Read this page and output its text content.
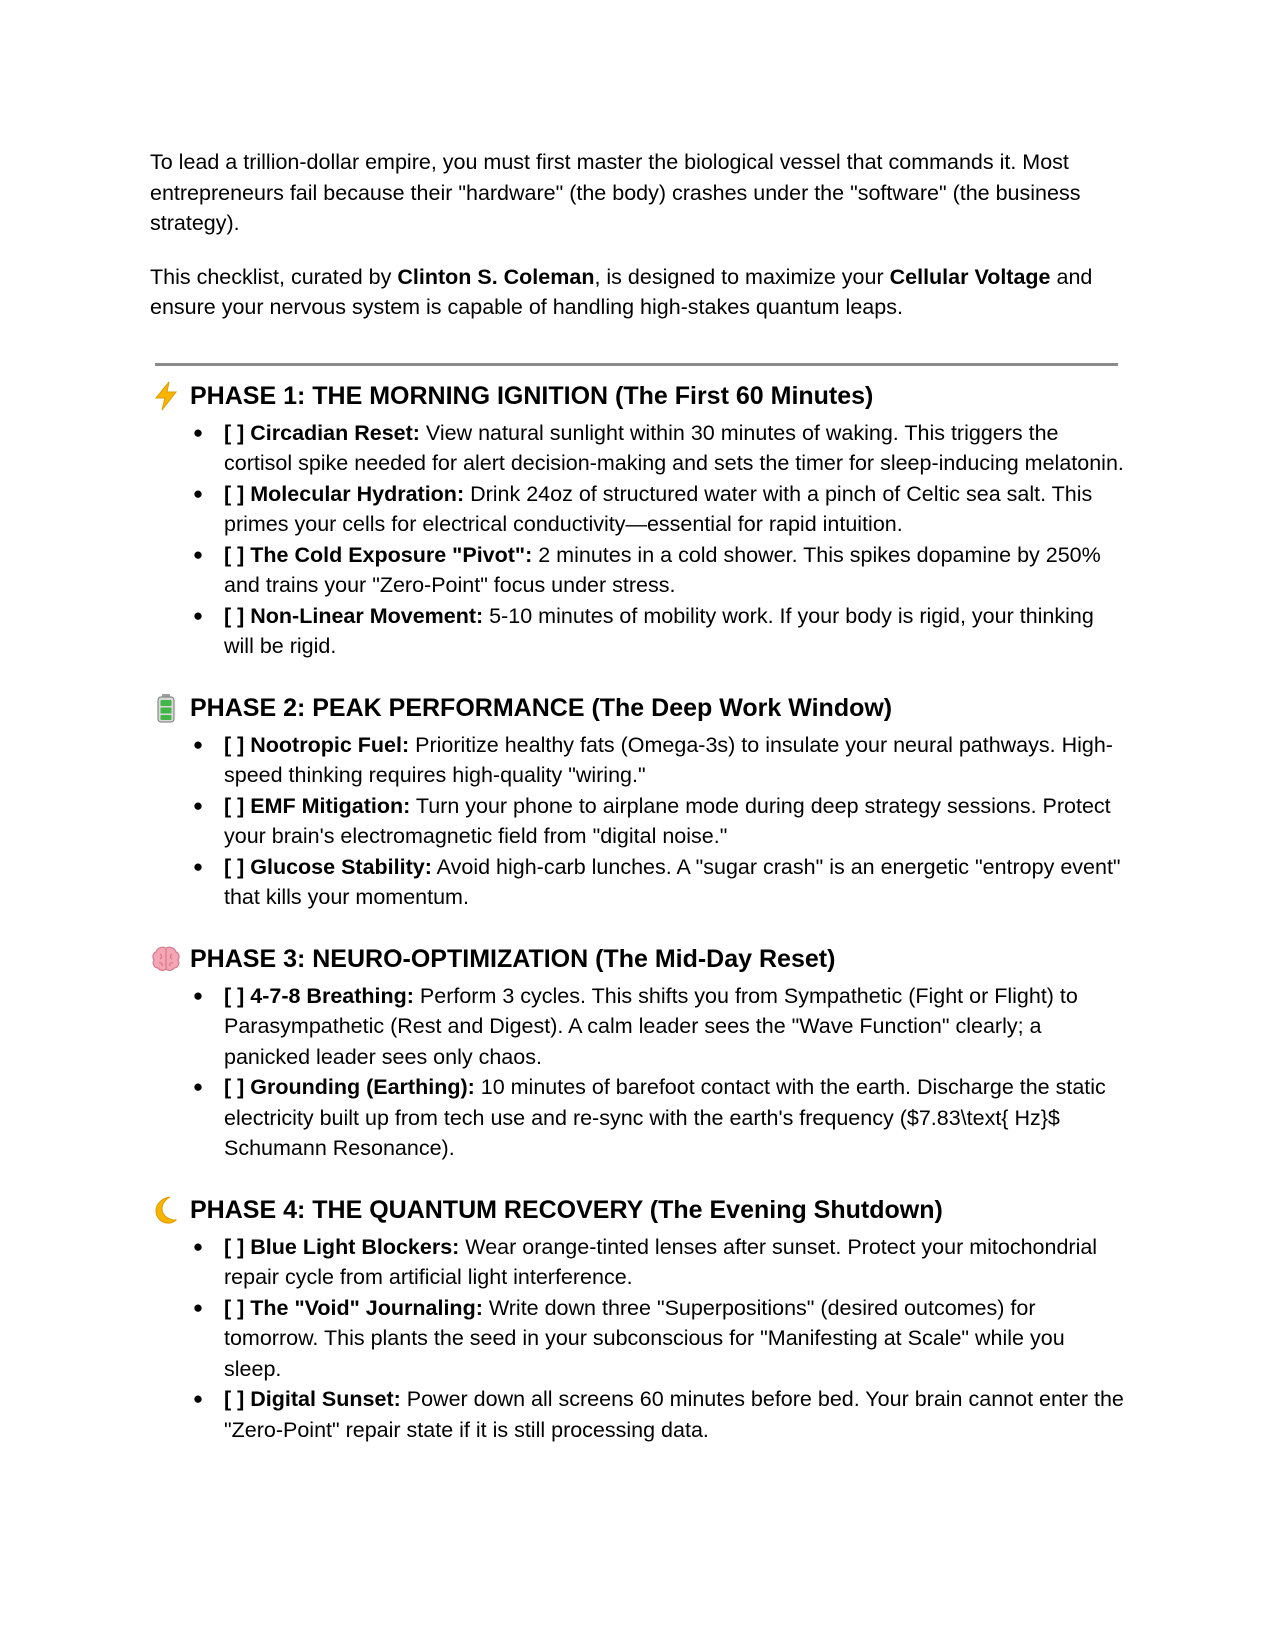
To lead a trillion-dollar empire, you must first master the biological vessel that commands it. Most entrepreneurs fail because their "hardware" (the body) crashes under the "software" (the business strategy).

This checklist, curated by Clinton S. Coleman, is designed to maximize your Cellular Voltage and ensure your nervous system is capable of handling high-stakes quantum leaps.

PHASE 1: THE MORNING IGNITION (The First 60 Minutes)
● [ ] Circadian Reset: View natural sunlight within 30 minutes of waking. This triggers the cortisol spike needed for alert decision-making and sets the timer for sleep-inducing melatonin.
● [ ] Molecular Hydration: Drink 24oz of structured water with a pinch of Celtic sea salt. This primes your cells for electrical conductivity—essential for rapid intuition.
● [ ] The Cold Exposure "Pivot": 2 minutes in a cold shower. This spikes dopamine by 250% and trains your "Zero-Point" focus under stress.
● [ ] Non-Linear Movement: 5-10 minutes of mobility work. If your body is rigid, your thinking will be rigid.
PHASE 2: PEAK PERFORMANCE (The Deep Work Window)
● [ ] Nootropic Fuel: Prioritize healthy fats (Omega-3s) to insulate your neural pathways. High-speed thinking requires high-quality "wiring."
● [ ] EMF Mitigation: Turn your phone to airplane mode during deep strategy sessions. Protect your brain's electromagnetic field from "digital noise."
● [ ] Glucose Stability: Avoid high-carb lunches. A "sugar crash" is an energetic "entropy event" that kills your momentum.
PHASE 3: NEURO-OPTIMIZATION (The Mid-Day Reset)
● [ ] 4-7-8 Breathing: Perform 3 cycles. This shifts you from Sympathetic (Fight or Flight) to Parasympathetic (Rest and Digest). A calm leader sees the "Wave Function" clearly; a panicked leader sees only chaos.
● [ ] Grounding (Earthing): 10 minutes of barefoot contact with the earth. Discharge the static electricity built up from tech use and re-sync with the earth's frequency ($7.83\text{ Hz}$ Schumann Resonance).
PHASE 4: THE QUANTUM RECOVERY (The Evening Shutdown)
● [ ] Blue Light Blockers: Wear orange-tinted lenses after sunset. Protect your mitochondrial repair cycle from artificial light interference.
● [ ] The "Void" Journaling: Write down three "Superpositions" (desired outcomes) for tomorrow. This plants the seed in your subconscious for "Manifesting at Scale" while you sleep.
● [ ] Digital Sunset: Power down all screens 60 minutes before bed. Your brain cannot enter the "Zero-Point" repair state if it is still processing data.
